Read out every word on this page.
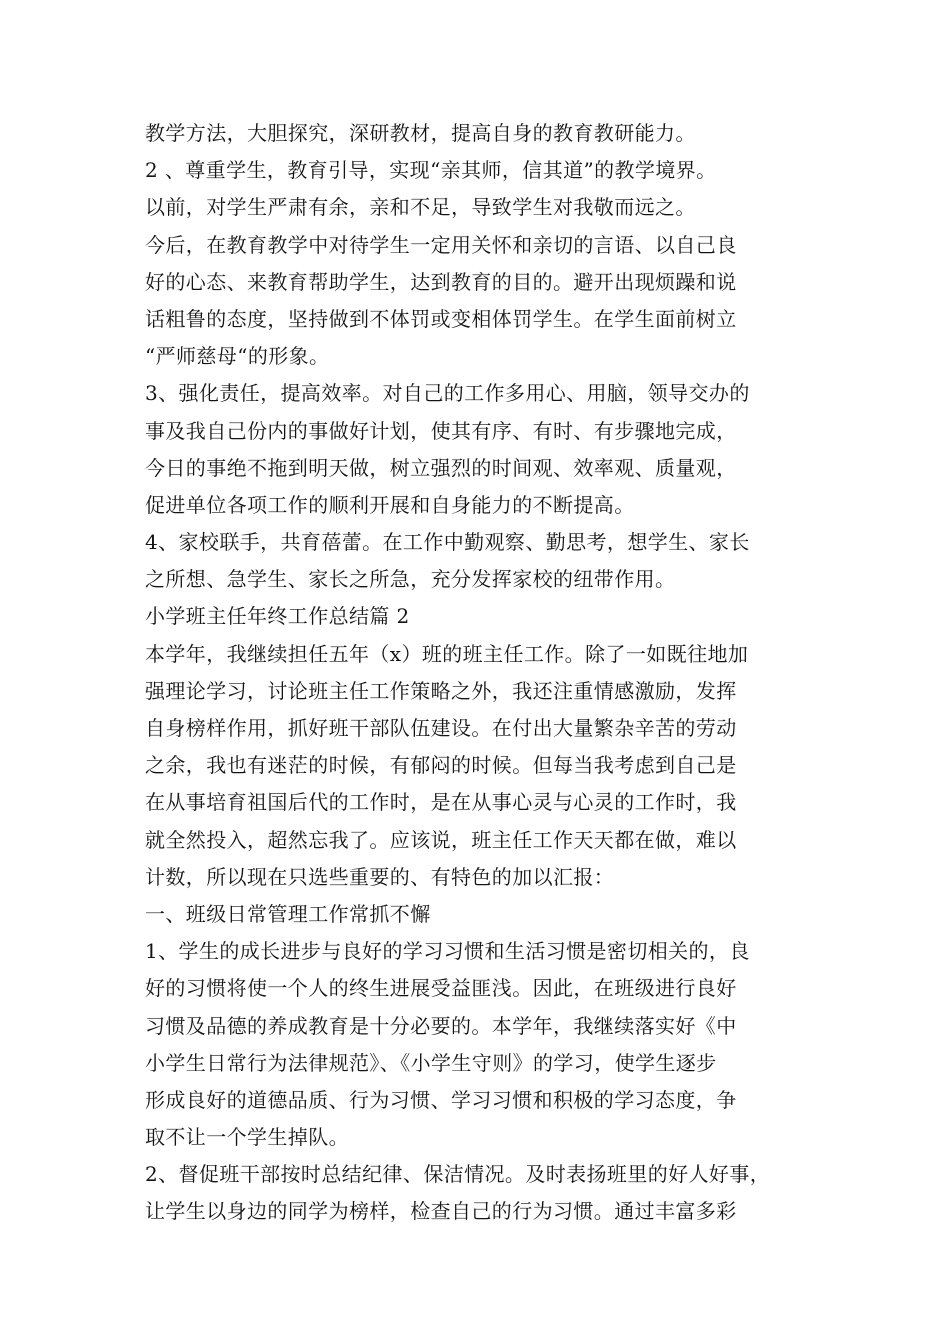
教学方法，大胆探究，深研教材，提高自身的教育教研能力。
2 、尊重学生，教育引导，实现“亲其师，信其道”的教学境界。
以前，对学生严肃有余，亲和不足，导致学生对我敬而远之。
今后，在教育教学中对待学生一定用关怀和亲切的言语、以自己良
好的心态、来教育帮助学生，达到教育的目的。避开出现烦躁和说
话粗鲁的态度，坚持做到不体罚或变相体罚学生。在学生面前树立
“严师慈母“的形象。
3、强化责任，提高效率。对自己的工作多用心、用脑，领导交办的
事及我自己份内的事做好计划，使其有序、有时、有步骤地完成，
今日的事绝不拖到明天做，树立强烈的时间观、效率观、质量观，
促进单位各项工作的顺利开展和自身能力的不断提高。
4、家校联手，共育蓓蕾。在工作中勤观察、勤思考，想学生、家长
之所想、急学生、家长之所急，充分发挥家校的纽带作用。
小学班主任年终工作总结篇 2
本学年，我继续担任五年（x）班的班主任工作。除了一如既往地加
强理论学习，讨论班主任工作策略之外，我还注重情感激励，发挥
自身榜样作用，抓好班干部队伍建设。在付出大量繁杂辛苦的劳动
之余，我也有迷茫的时候，有郁闷的时候。但每当我考虑到自己是
在从事培育祖国后代的工作时，是在从事心灵与心灵的工作时，我
就全然投入，超然忘我了。应该说，班主任工作天天都在做，难以
计数，所以现在只选些重要的、有特色的加以汇报：
一、班级日常管理工作常抓不懈
1、学生的成长进步与良好的学习习惯和生活习惯是密切相关的，良
好的习惯将使一个人的终生进展受益匪浅。因此，在班级进行良好
习惯及品德的养成教育是十分必要的。本学年，我继续落实好《中
小学生日常行为法律规范》、《小学生守则》的学习，使学生逐步
形成良好的道德品质、行为习惯、学习习惯和积极的学习态度，争
取不让一个学生掉队。
2、督促班干部按时总结纪律、保洁情况。及时表扬班里的好人好事，
让学生以身边的同学为榜样，检查自己的行为习惯。通过丰富多彩
